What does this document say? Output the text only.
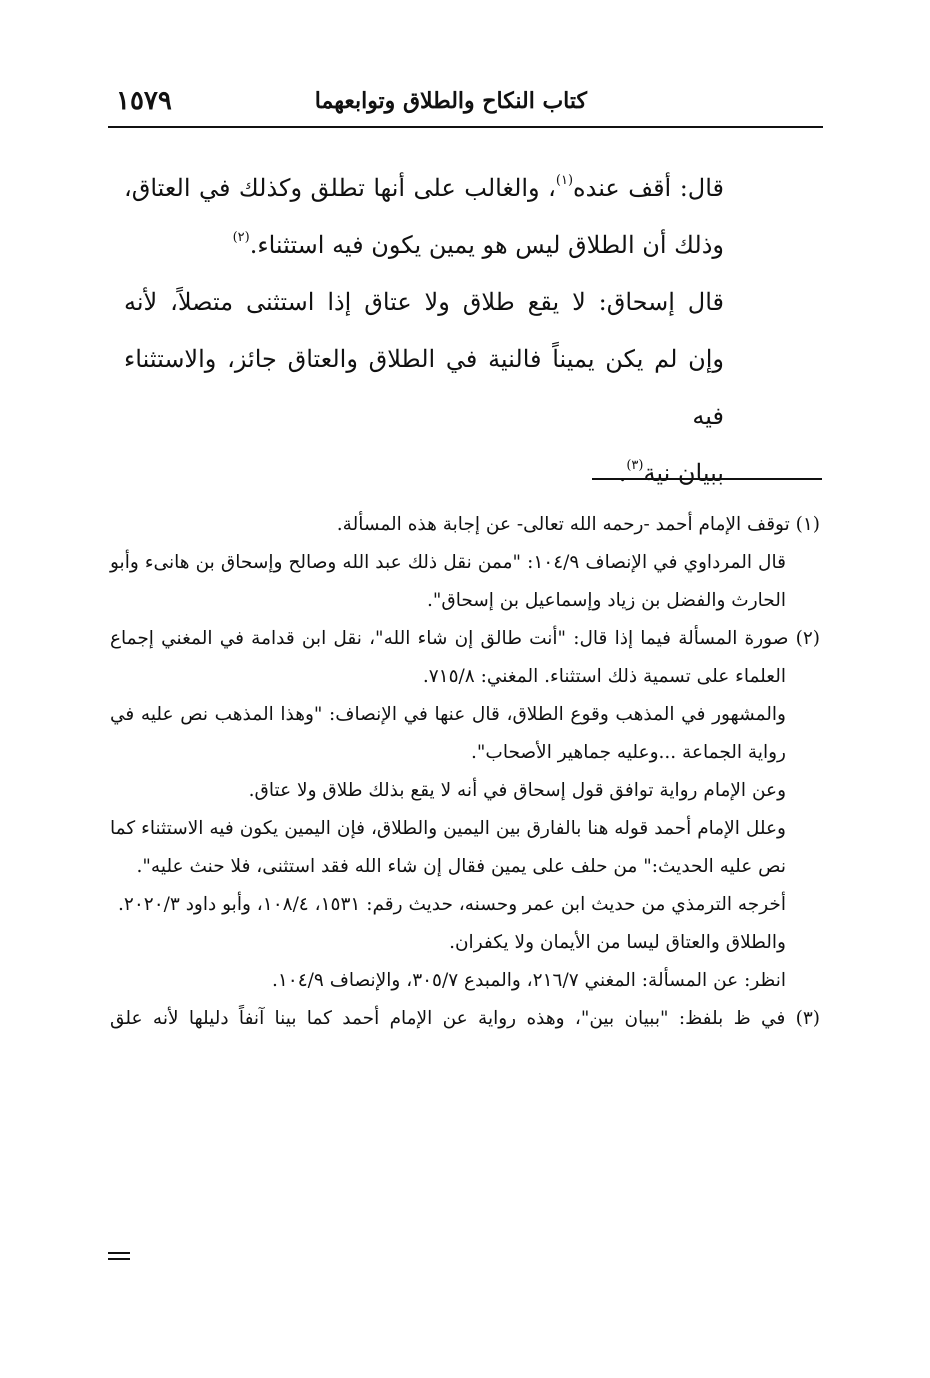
كتاب النكاح والطلاق وتوابعهما
١٥٧٩

قال: أقف عنده$^{(١)}$، والغالب على أنها تطلق وكذلك في العتاق،

وذلك أن الطلاق ليس هو يمين يكون فيه استثناء.$^{(٢)}$

قال إسحاق: لا يقع طلاق ولا عتاق إذا استثنى متصلاً، لأنه

وإن لم يكن يميناً فالنية في الطلاق والعتاق جائز، والاستثناء فيه

ببيان نية$^{(٣)}$.

(١) توقف الإمام أحمد -رحمه الله تعالى- عن إجابة هذه المسألة.

قال المرداوي في الإنصاف ١٠٤/٩: "ممن نقل ذلك عبد الله وصالح وإسحاق بن هانىء وأبو الحارث والفضل بن زياد وإسماعيل بن إسحاق".

(٢) صورة المسألة فيما إذا قال: "أنت طالق إن شاء الله"، نقل ابن قدامة في المغني إجماع العلماء على تسمية ذلك استثناء. المغني: ٧١٥/٨.

والمشهور في المذهب وقوع الطلاق، قال عنها في الإنصاف: "وهذا المذهب نص عليه في رواية الجماعة ...وعليه جماهير الأصحاب".

وعن الإمام رواية توافق قول إسحاق في أنه لا يقع بذلك طلاق ولا عتاق.

وعلل الإمام أحمد قوله هنا بالفارق بين اليمين والطلاق، فإن اليمين يكون فيه الاستثناء كما نص عليه الحديث:" من حلف على يمين فقال إن شاء الله فقد استثنى، فلا حنث عليه".

أخرجه الترمذي من حديث ابن عمر وحسنه، حديث رقم: ١٥٣١، ١٠٨/٤، وأبو داود ٢٠٢٠/٣.

والطلاق والعتاق ليسا من الأيمان ولا يكفران.

انظر: عن المسألة: المغني ٢١٦/٧، والمبدع ٣٠٥/٧، والإنصاف ١٠٤/٩.

(٣) في ظ بلفظ: "ببيان بين"، وهذه رواية عن الإمام أحمد كما بينا آنفاً دليلها لأنه علق
